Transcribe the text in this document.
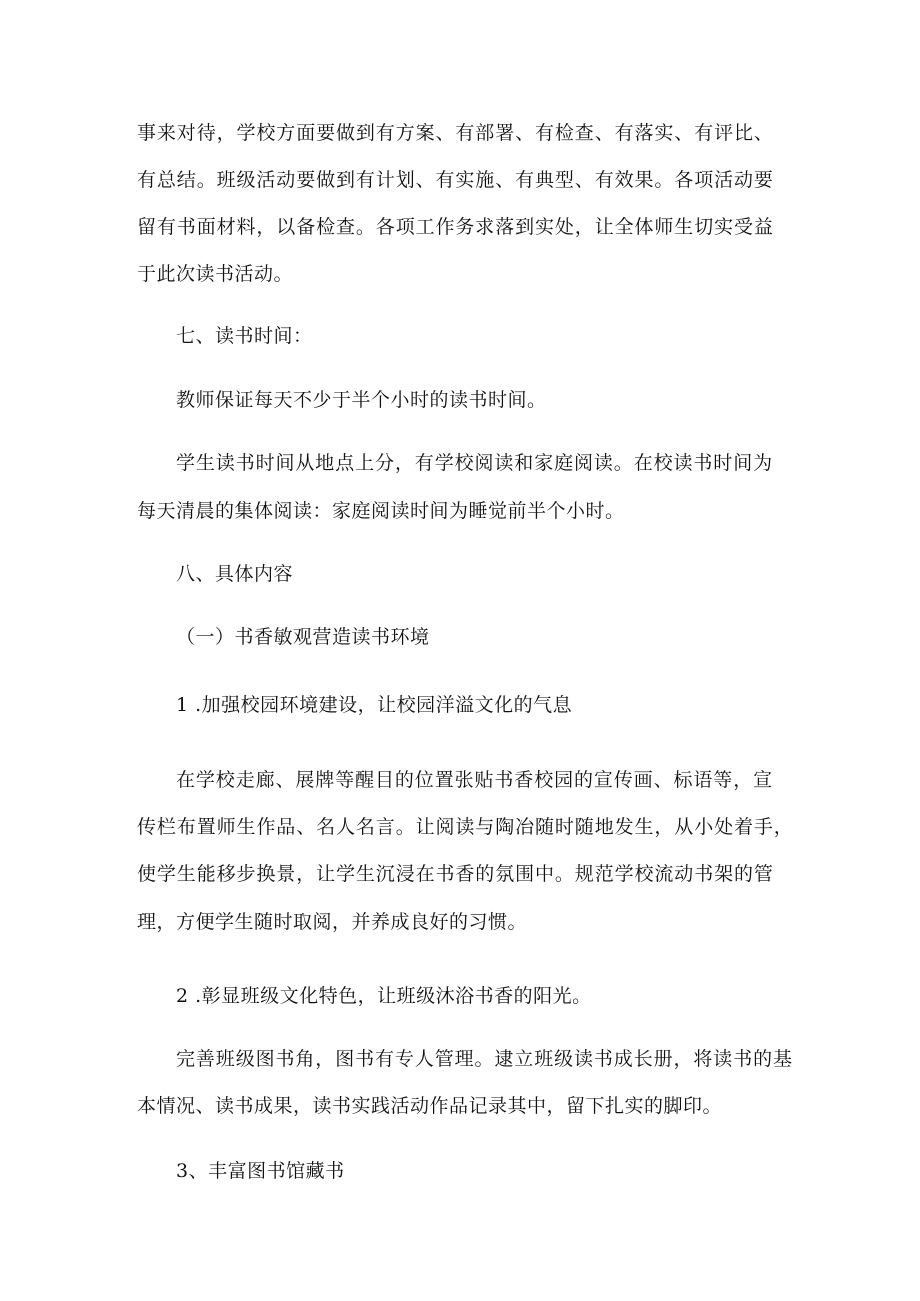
事来对待，学校方面要做到有方案、有部署、有检查、有落实、有评比、
有总结。班级活动要做到有计划、有实施、有典型、有效果。各项活动要
留有书面材料，以备检查。各项工作务求落到实处，让全体师生切实受益
于此次读书活动。
七、读书时间：
教师保证每天不少于半个小时的读书时间。
学生读书时间从地点上分，有学校阅读和家庭阅读。在校读书时间为
每天清晨的集体阅读：家庭阅读时间为睡觉前半个小时。
八、具体内容
（一）书香敏观营造读书环境
1 .加强校园环境建设，让校园洋溢文化的气息
在学校走廊、展牌等醒目的位置张贴书香校园的宣传画、标语等，宣
传栏布置师生作品、名人名言。让阅读与陶冶随时随地发生，从小处着手，
使学生能移步换景，让学生沉浸在书香的氛围中。规范学校流动书架的管
理，方便学生随时取阅，并养成良好的习惯。
2 .彰显班级文化特色，让班级沐浴书香的阳光。
完善班级图书角，图书有专人管理。逮立班级读书成长册，将读书的基
本情况、读书成果，读书实践活动作品记录其中，留下扎实的脚印。
3、丰富图书馆藏书
